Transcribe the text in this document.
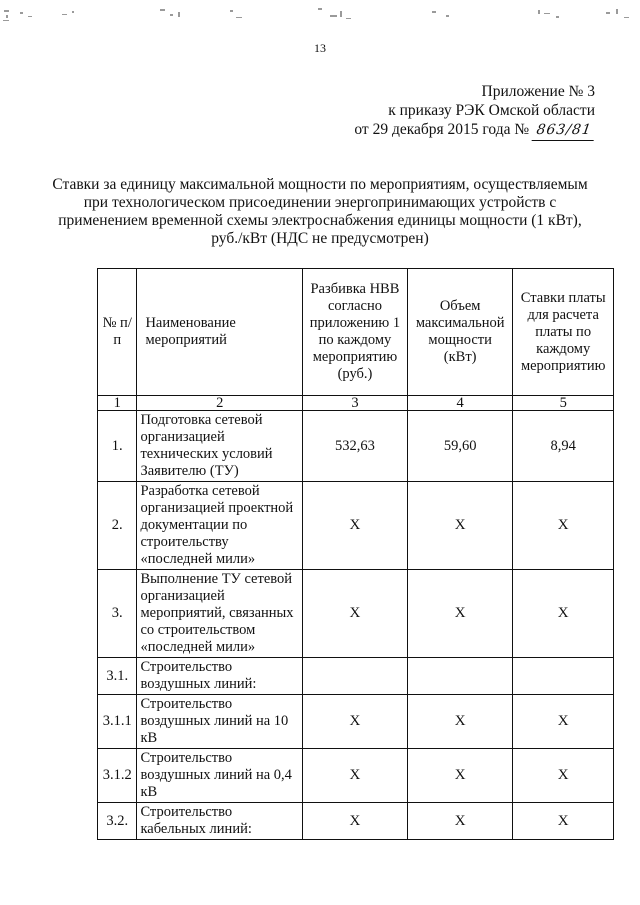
13
Приложение № 3
к приказу РЭК Омской области
от 29 декабря 2015 года № 863/81
Ставки за единицу максимальной мощности по мероприятиям, осуществляемым при технологическом присоединении энергопринимающих устройств с применением временной схемы электроснабжения единицы мощности (1 кВт), руб./кВт (НДС не предусмотрен)
№ п/п	Наименование мероприятий	Разбивка НВВ согласно приложению 1 по каждому мероприятию (руб.)	Объем максимальной мощности (кВт)	Ставки платы для расчета платы по каждому мероприятию
1	2	3	4	5
1.	Подготовка сетевой организацией технических условий Заявителю (ТУ)	532,63	59,60	8,94
2.	Разработка сетевой организацией проектной документации по строительству «последней мили»	X	X	X
3.	Выполнение ТУ сетевой организацией мероприятий, связанных со строительством «последней мили»	X	X	X
3.1.	Строительство воздушных линий:			
3.1.1	Строительство воздушных линий на 10 кВ	X	X	X
3.1.2	Строительство воздушных линий на 0,4 кВ	X	X	X
3.2.	Строительство кабельных линий:	X	X	X
